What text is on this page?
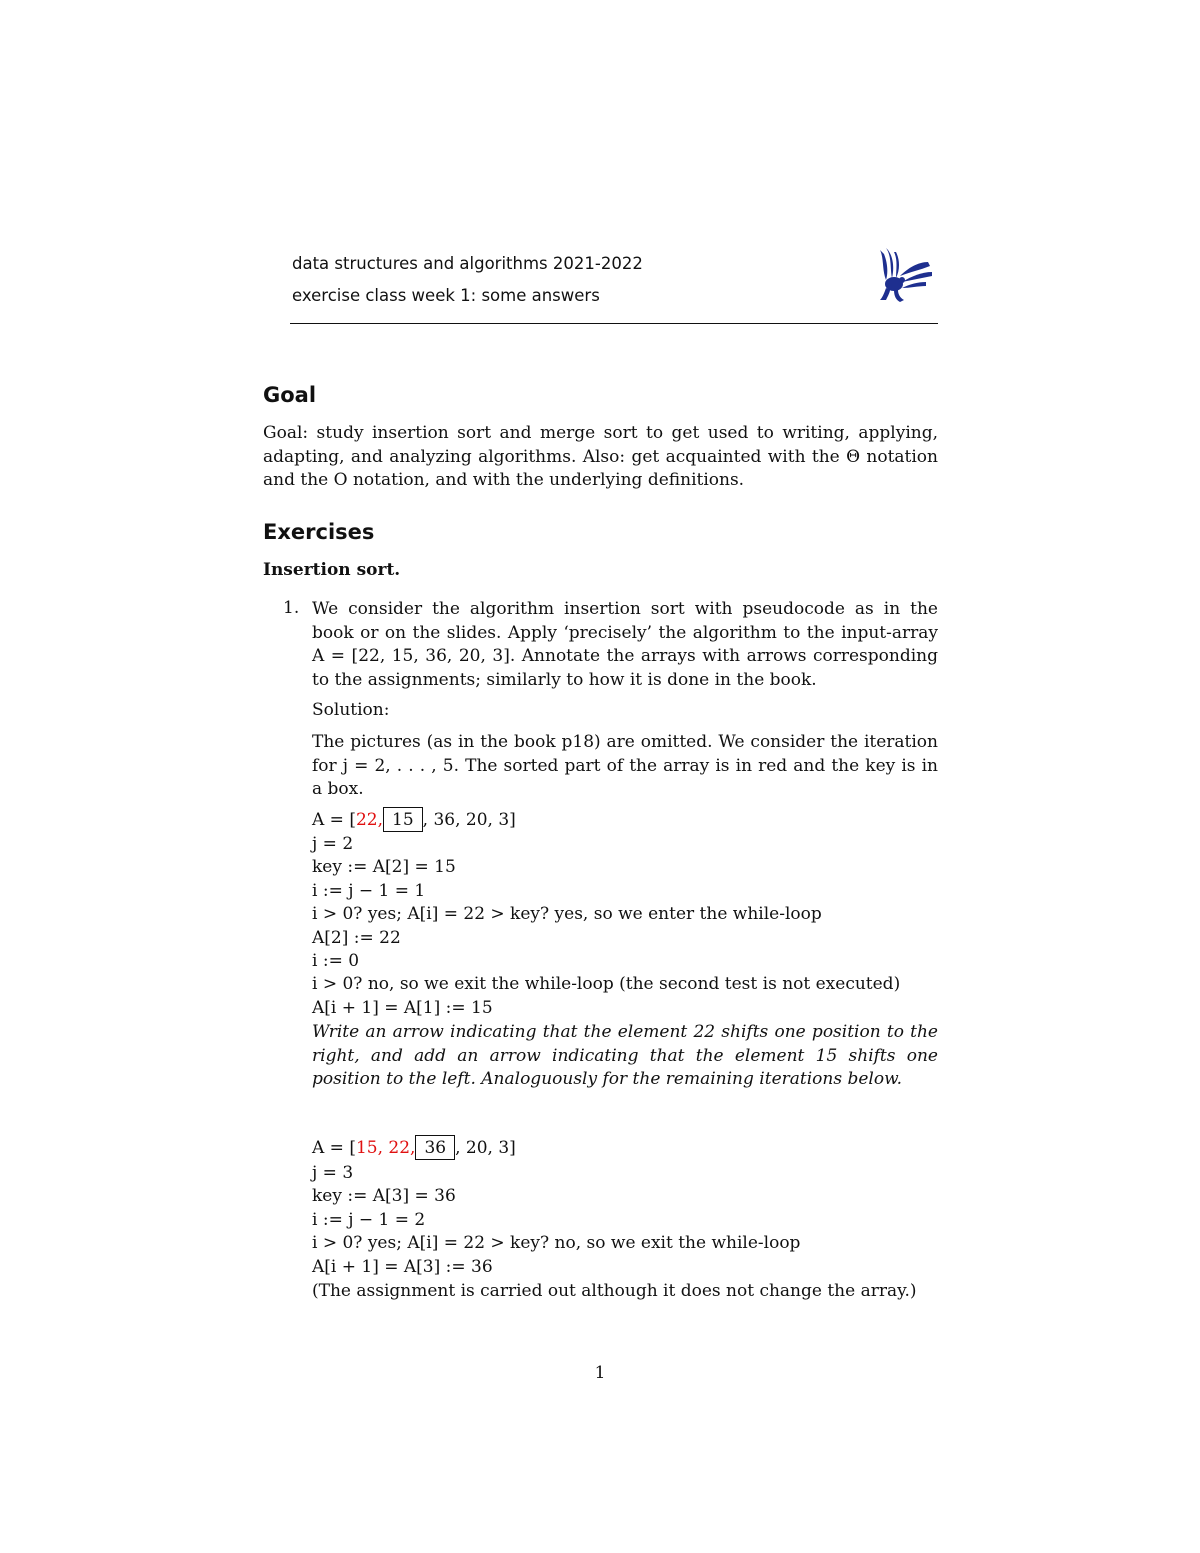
data structures and algorithms 2021-2022
exercise class week 1: some answers
Goal
Goal: study insertion sort and merge sort to get used to writing, applying, adapting, and analyzing algorithms. Also: get acquainted with the Θ notation and the O notation, and with the underlying definitions.
Exercises
Insertion sort.
1. We consider the algorithm insertion sort with pseudocode as in the book or on the slides. Apply ‘precisely’ the algorithm to the input-array A = [22, 15, 36, 20, 3]. Annotate the arrays with arrows corresponding to the assignments; similarly to how it is done in the book.
Solution:
The pictures (as in the book p18) are omitted. We consider the iteration for j = 2, . . . , 5. The sorted part of the array is in red and the key is in a box.
A = [22, 15 , 36, 20, 3]
j = 2
key := A[2] = 15
i := j − 1 = 1
i > 0? yes; A[i] = 22 > key? yes, so we enter the while-loop
A[2] := 22
i := 0
i > 0? no, so we exit the while-loop (the second test is not executed)
A[i + 1] = A[1] := 15
Write an arrow indicating that the element 22 shifts one position to the right, and add an arrow indicating that the element 15 shifts one position to the left. Analoguously for the remaining iterations below.
A = [15, 22, 36 , 20, 3]
j = 3
key := A[3] = 36
i := j − 1 = 2
i > 0? yes; A[i] = 22 > key? no, so we exit the while-loop
A[i + 1] = A[3] := 36
(The assignment is carried out although it does not change the array.)
1
